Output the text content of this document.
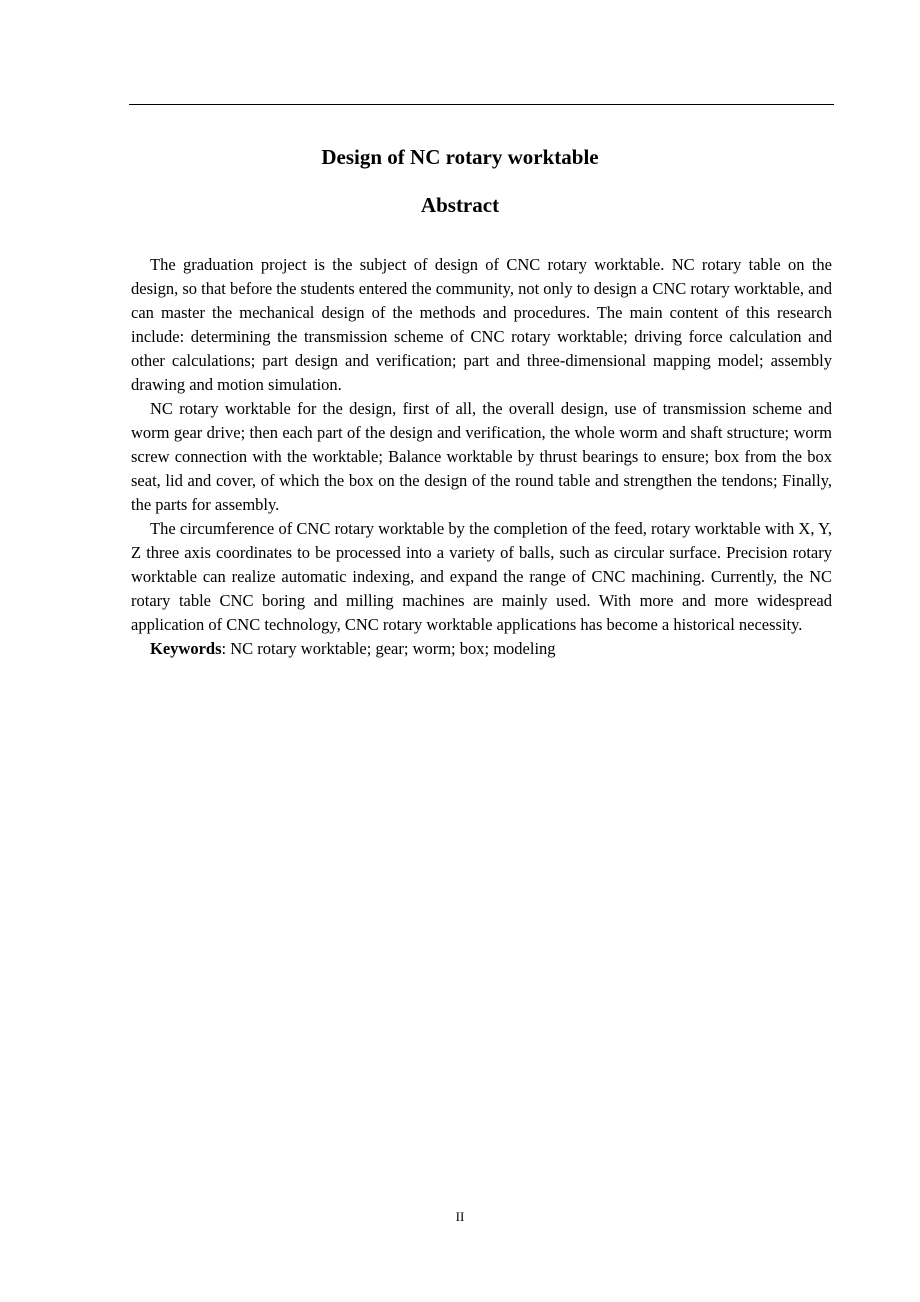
Design of NC rotary worktable
Abstract

The graduation project is the subject of design of CNC rotary worktable. NC rotary table on the design, so that before the students entered the community, not only to design a CNC rotary worktable, and can master the mechanical design of the methods and procedures. The main content of this research include: determining the transmission scheme of CNC rotary worktable; driving force calculation and other calculations; part design and verification; part and three-dimensional mapping model; assembly drawing and motion simulation.

NC rotary worktable for the design, first of all, the overall design, use of transmission scheme and worm gear drive; then each part of the design and verification, the whole worm and shaft structure; worm screw connection with the worktable; Balance worktable by thrust bearings to ensure; box from the box seat, lid and cover, of which the box on the design of the round table and strengthen the tendons; Finally, the parts for assembly.

The circumference of CNC rotary worktable by the completion of the feed, rotary worktable with X, Y, Z three axis coordinates to be processed into a variety of balls, such as circular surface. Precision rotary worktable can realize automatic indexing, and expand the range of CNC machining. Currently, the NC rotary table CNC boring and milling machines are mainly used. With more and more widespread application of CNC technology, CNC rotary worktable applications has become a historical necessity.

Keywords: NC rotary worktable; gear; worm; box; modeling

II
